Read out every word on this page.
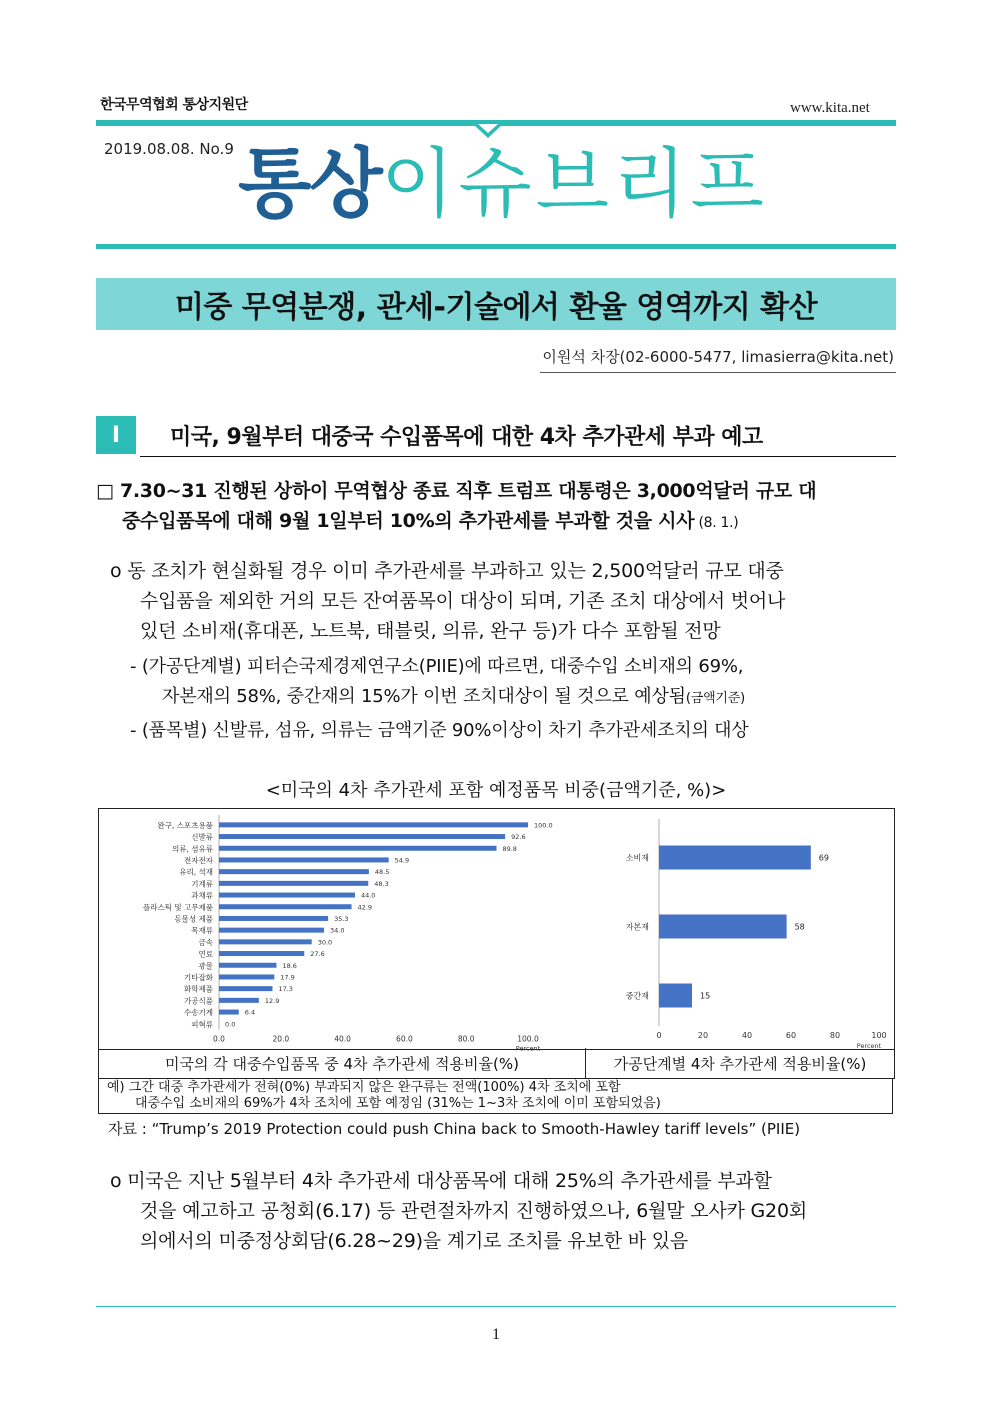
한국무역협회 통상지원단	www.kita.net
2019.08.08. No.9 통상이슈브리프
미중 무역분쟁, 관세-기술에서 환율 영역까지 확산
이원석 차장(02-6000-5477, limasierra@kita.net)
Ⅰ	미국, 9월부터 대중국 수입품목에 대한 4차 추가관세 부과 예고
□ 7.30~31 진행된 상하이 무역협상 종료 직후 트럼프 대통령은 3,000억달러 규모 대
중수입품목에 대해 9월 1일부터 10%의 추가관세를 부과할 것을 시사 (8. 1.)
o 동 조치가 현실화될 경우 이미 추가관세를 부과하고 있는 2,500억달러 규모 대중
수입품을 제외한 거의 모든 잔여품목이 대상이 되며, 기존 조치 대상에서 벗어나
있던 소비재(휴대폰, 노트북, 태블릿, 의류, 완구 등)가 다수 포함될 전망
- (가공단계별) 피터슨국제경제연구소(PIIE)에 따르면, 대중수입 소비재의 69%,
자본재의 58%, 중간재의 15%가 이번 조치대상이 될 것으로 예상됨(금액기준)
- (품목별) 신발류, 섬유, 의류는 금액기준 90%이상이 차기 추가관세조치의 대상
<미국의 4차 추가관세 포함 예정품목 비중(금액기준, %)>
완구, 스포츠용품	100.0
신발류	92.6
의류, 섬유류	89.8
전자전자	54.9
유리, 석재	48.5
기계류	48.3
과채류	44.0
플라스틱 및 고무제품	42.9
동물성 제품	35.3
목재류	34.0
금속	30.0
연료	27.6
광물	18.6
기타잡화	17.9
화학제품	17.3
가공식품	12.9
수송기계	6.4
피혁류 0.0
0.0	20.0	40.0	60.0	80.0	100.0
Percent
소비재	69
자본재	58
중간재	15
0	20	40	60	80	100
Percent
미국의 각 대중수입품목 중 4차 추가관세 적용비율(%)	가공단계별 4차 추가관세 적용비율(%)
예) 그간 대중 추가관세가 전혀(0%) 부과되지 않은 완구류는 전액(100%) 4차 조치에 포함
대중수입 소비재의 69%가 4차 조치에 포함 예정임 (31%는 1~3차 조치에 이미 포함되었음)
자료 : “Trump’s 2019 Protection could push China back to Smooth-Hawley tariff levels” (PIIE)
o 미국은 지난 5월부터 4차 추가관세 대상품목에 대해 25%의 추가관세를 부과할
것을 예고하고 공청회(6.17) 등 관련절차까지 진행하였으나, 6월말 오사카 G20회
의에서의 미중정상회담(6.28~29)을 계기로 조치를 유보한 바 있음
1
